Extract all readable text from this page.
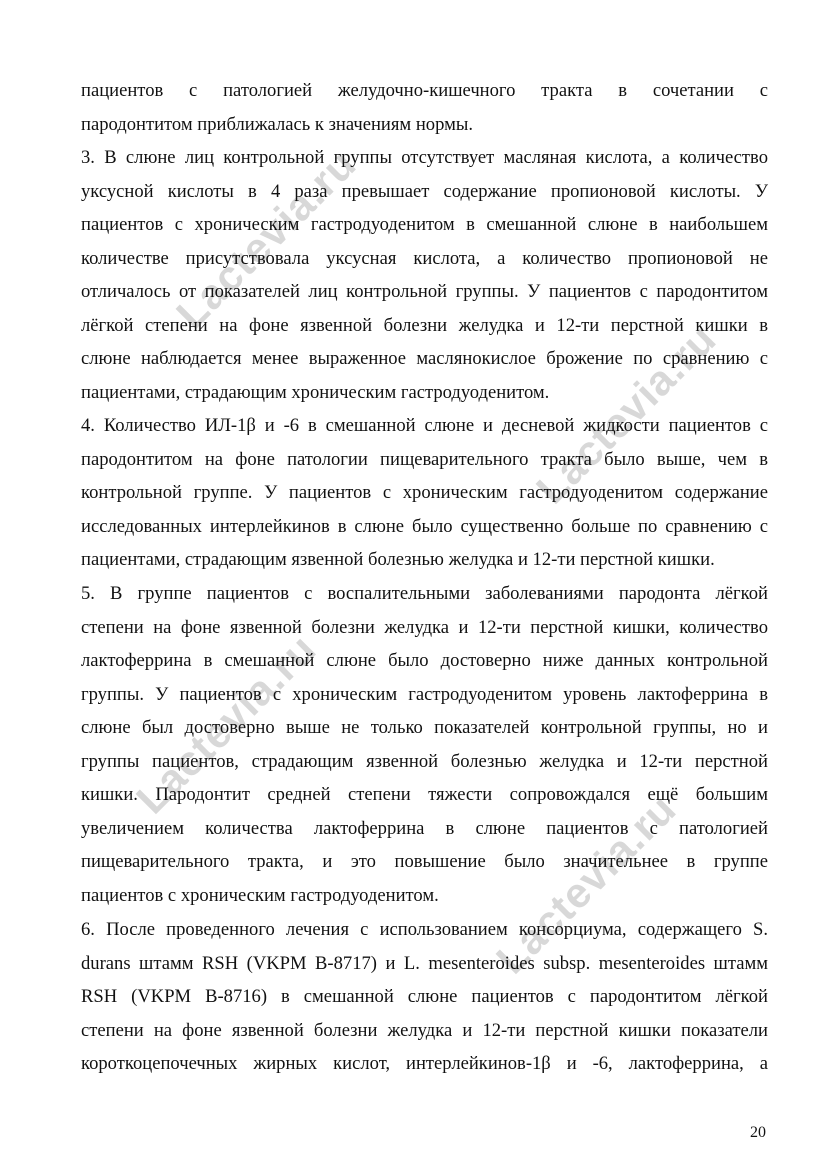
Lactevia.ru
Lactevia.ru
Lactevia.ru
Lactevia.ru
пациентов с патологией желудочно-кишечного тракта в сочетании с
пародонтитом приближалась к значениям нормы.
3. В слюне лиц контрольной группы отсутствует масляная кислота, а количество
уксусной кислоты в 4 раза превышает содержание пропионовой кислоты. У
пациентов с хроническим гастродуоденитом в смешанной слюне в наибольшем
количестве присутствовала уксусная кислота, а количество пропионовой не
отличалось от показателей лиц контрольной группы. У пациентов с пародонтитом
лёгкой степени на фоне язвенной болезни желудка и 12-ти перстной кишки в
слюне наблюдается менее выраженное маслянокислое брожение по сравнению с
пациентами, страдающим хроническим гастродуоденитом.
4. Количество ИЛ-1β и -6 в смешанной слюне и десневой жидкости пациентов с
пародонтитом на фоне патологии пищеварительного тракта было выше, чем в
контрольной группе. У пациентов с хроническим гастродуоденитом содержание
исследованных интерлейкинов в слюне было существенно больше по сравнению с
пациентами, страдающим язвенной болезнью желудка и 12-ти перстной кишки.
5. В группе пациентов с воспалительными заболеваниями пародонта лёгкой
степени на фоне язвенной болезни желудка и 12-ти перстной кишки, количество
лактоферрина в смешанной слюне было достоверно ниже данных контрольной
группы. У пациентов с хроническим гастродуоденитом уровень лактоферрина в
слюне был достоверно выше не только показателей контрольной группы, но и
группы пациентов, страдающим язвенной болезнью желудка и 12-ти перстной
кишки. Пародонтит средней степени тяжести сопровождался ещё большим
увеличением количества лактоферрина в слюне пациентов с патологией
пищеварительного тракта, и это повышение было значительнее в группе
пациентов с хроническим гастродуоденитом.
6. После проведенного лечения с использованием консорциума, содержащего S.
durans штамм RSH (VKPM B-8717) и L. mesenteroides subsp. mesenteroides штамм
RSH (VKPM B-8716) в смешанной слюне пациентов с пародонтитом лёгкой
степени на фоне язвенной болезни желудка и 12-ти перстной кишки показатели
короткоцепочечных жирных кислот, интерлейкинов-1β и -6, лактоферрина, а
20
